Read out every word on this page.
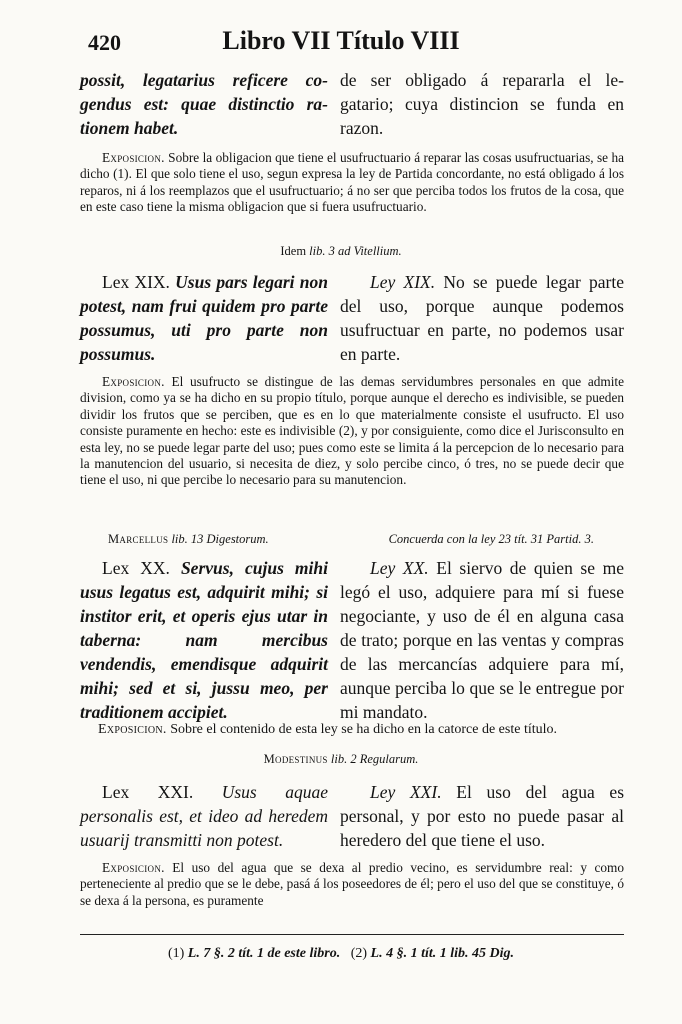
420	Libro VII Título VIII
possit, legatarius reficere co-
gendus est: quae distinctio ra-
tionem habet.
de ser obligado á repararla el le-
gatario; cuya distincion se funda en
razon.
Exposicion. Sobre la obligacion que tiene el usufructuario á reparar las cosas usufructuarias, se ha dicho (1). El que solo tiene el uso, segun expresa la ley de Partida concordante, no está obligado á los reparos, ni á los reemplazos que el usufructuario; á no ser que perciba todos los frutos de la cosa, que en este caso tiene la misma obligacion que si fuera usufructuario.
Idem lib. 3 ad Vitellium.
Lex XIX. Usus pars legari non potest, nam frui quidem pro parte possumus, uti pro parte non possumus.
Ley XIX. No se puede legar parte del uso, porque aunque podemos usufructuar en parte, no podemos usar en parte.
Exposicion. El usufructo se distingue de las demas servidumbres personales en que admite division, como ya se ha dicho en su propio título, porque aunque el derecho es indivisible, se pueden dividir los frutos que se perciben, que es en lo que materialmente consiste el usufructo. El uso consiste puramente en hecho: este es indivisible (2), y por consiguiente, como dice el Jurisconsulto en esta ley, no se puede legar parte del uso; pues como este se limita á la percepcion de lo necesario para la manutencion del usuario, si necesita de diez, y solo percibe cinco, ó tres, no se puede decir que tiene el uso, ni que percibe lo necesario para su manutencion.
Marcellus lib. 13 Digestorum.	Concuerda con la ley 23 tít. 31 Partid. 3.
Lex XX. Servus, cujus mihi usus legatus est, adquirit mihi; si institor erit, et operis ejus utar in taberna: nam mercibus vendendis, emendisque adquirit mihi; sed et si, jussu meo, per traditionem accipiet.
Ley XX. El siervo de quien se me legó el uso, adquiere para mí si fuese negociante, y uso de él en alguna casa de trato; porque en las ventas y compras de las mercancías adquiere para mí, aunque perciba lo que se le entregue por mi mandato.
Exposicion. Sobre el contenido de esta ley se ha dicho en la catorce de este título.
Modestinus lib. 2 Regularum.
Lex XXI. Usus aquae personalis est, et ideo ad heredem usuarij transmitti non potest.
Ley XXI. El uso del agua es personal, y por esto no puede pasar al heredero del que tiene el uso.
Exposicion. El uso del agua que se dexa al predio vecino, es servidumbre real: y como perteneciente al predio que se le debe, pasá á los poseedores de él; pero el uso del que se constituye, ó se dexa á la persona, es puramente
(1) L. 7 §. 2 tít. 1 de este libro. (2) L. 4 §. 1 tít. 1 lib. 45 Dig.
